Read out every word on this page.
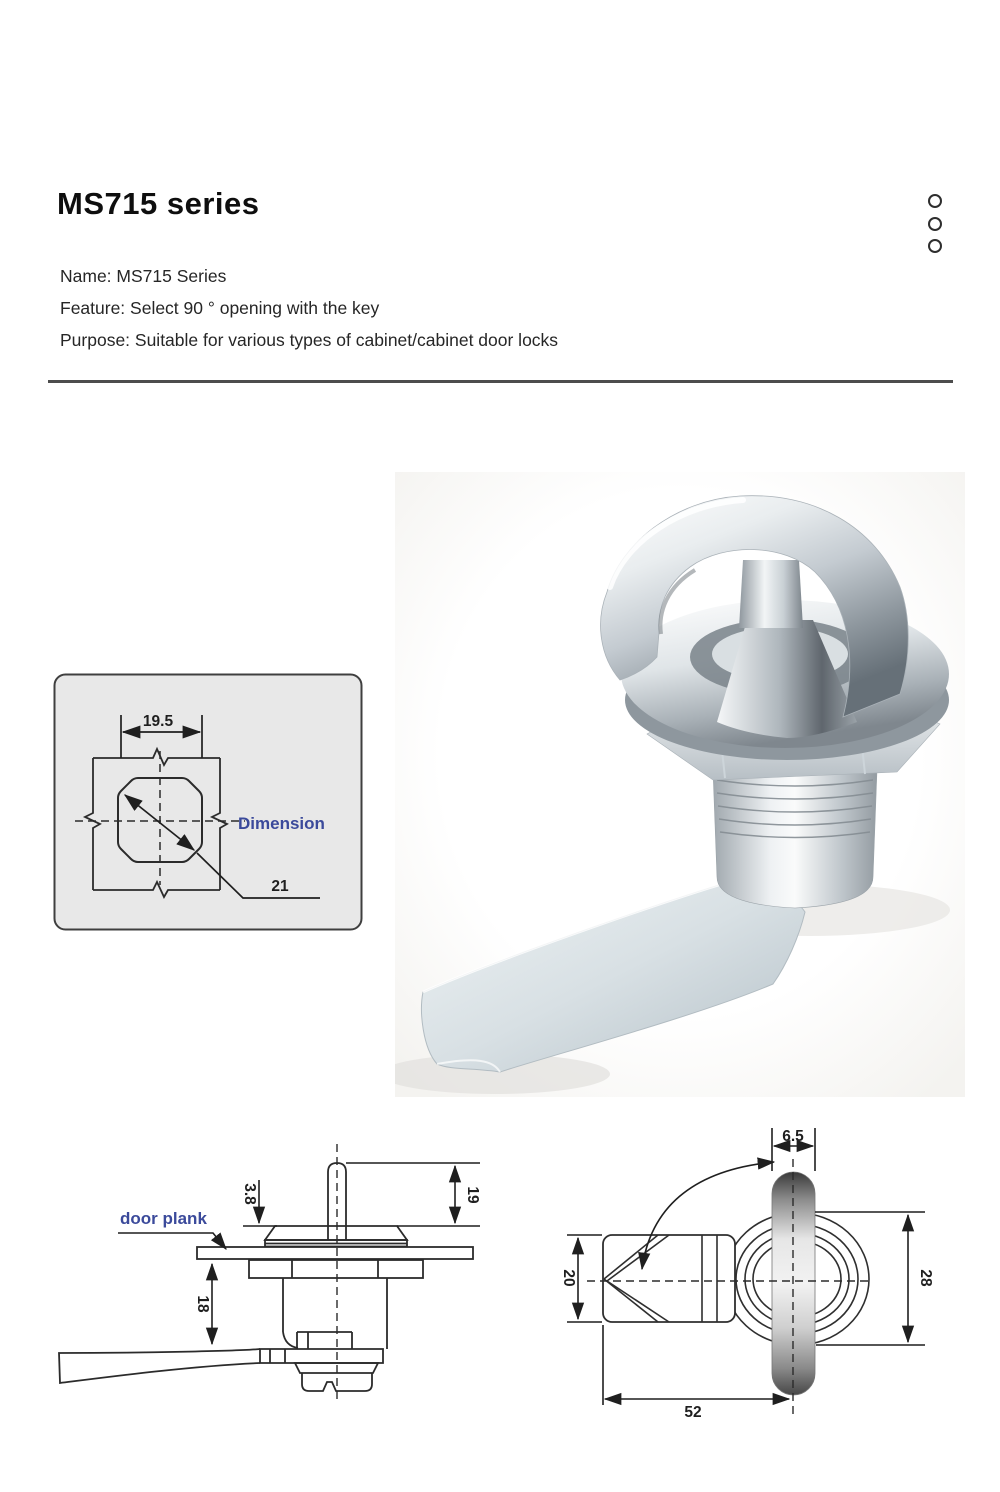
MS715 series
Name: MS715 Series
Feature: Select 90 ° opening with the key
Purpose: Suitable for various types of cabinet/cabinet door locks
19.5
21
Dimension
3.8	19
18
door plank
6.5
28
20
52
